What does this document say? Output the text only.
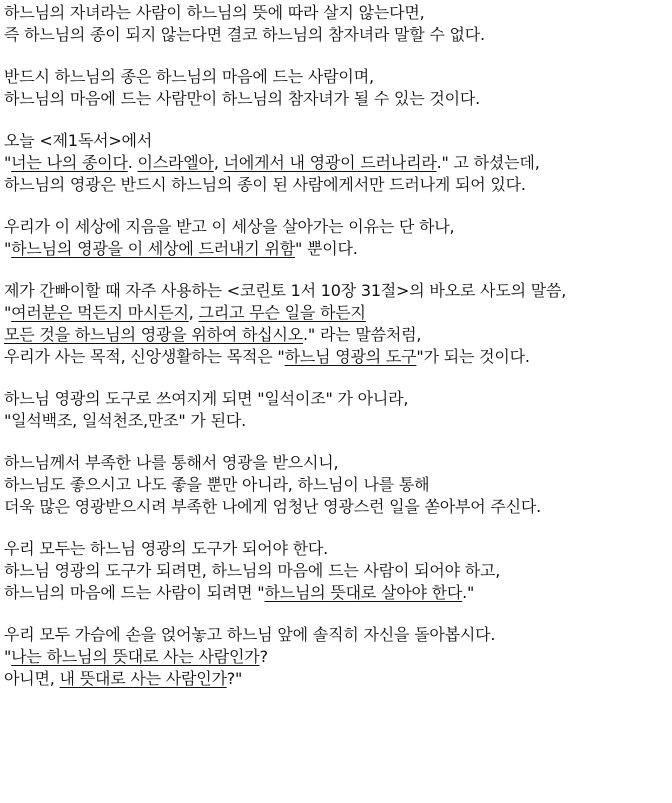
하느님의 자녀라는 사람이 하느님의 뜻에 따라 살지 않는다면,
즉 하느님의 종이 되지 않는다면 결코 하느님의 참자녀라 말할 수 없다.
반드시 하느님의 종은 하느님의 마음에 드는 사람이며,
하느님의 마음에 드는 사람만이 하느님의 참자녀가 될 수 있는 것이다.
오늘 <제1독서>에서
"너는 나의 종이다. 이스라엘아, 너에게서 내 영광이 드러나리라." 고 하셨는데,
하느님의 영광은 반드시 하느님의 종이 된 사람에게서만 드러나게 되어 있다.
우리가 이 세상에 지음을 받고 이 세상을 살아가는 이유는 단 하나,
"하느님의 영광을 이 세상에 드러내기 위함" 뿐이다.
제가 간빠이할 때 자주 사용하는 <코린토 1서 10장 31절>의 바오로 사도의 말씀,
"여러분은 먹든지 마시든지, 그리고 무슨 일을 하든지
모든 것을 하느님의 영광을 위하여 하십시오." 라는 말씀처럼,
우리가 사는 목적, 신앙생활하는 목적은 "하느님 영광의 도구"가 되는 것이다.
하느님 영광의 도구로 쓰여지게 되면 "일석이조" 가 아니라,
"일석백조, 일석천조,만조" 가 된다.
하느님께서 부족한 나를 통해서 영광을 받으시니,
하느님도 좋으시고 나도 좋을 뿐만 아니라, 하느님이 나를 통해
더욱 많은 영광받으시려 부족한 나에게 엄청난 영광스런 일을 쏟아부어 주신다.
우리 모두는 하느님 영광의 도구가 되어야 한다.
하느님 영광의 도구가 되려면, 하느님의 마음에 드는 사람이 되어야 하고,
하느님의 마음에 드는 사람이 되려면 "하느님의 뜻대로 살아야 한다."
우리 모두 가슴에 손을 얹어놓고 하느님 앞에 솔직히 자신을 돌아봅시다.
"나는 하느님의 뜻대로 사는 사람인가?
아니면, 내 뜻대로 사는 사람인가?"
